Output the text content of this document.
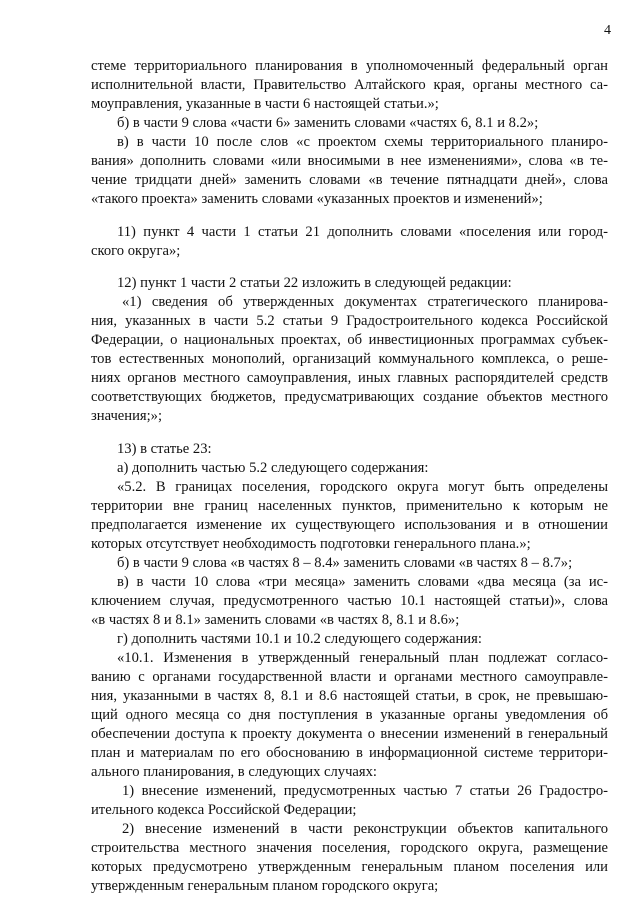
4
стеме территориального планирования в уполномоченный федеральный орган
исполнительной власти, Правительство Алтайского края, органы местного са-
моуправления, указанные в части 6 настоящей статьи.»;
б) в части 9 слова «части 6» заменить словами «частях 6, 8.1 и 8.2»;
в) в части 10 после слов «с проектом схемы территориального планиро-
вания» дополнить словами «или вносимыми в нее изменениями», слова «в те-
чение тридцати дней» заменить словами «в течение пятнадцати дней», слова
«такого проекта» заменить словами «указанных проектов и изменений»;
11) пункт 4 части 1 статьи 21 дополнить словами «поселения или город-
ского округа»;
12) пункт 1 части 2 статьи 22 изложить в следующей редакции:
«1) сведения об утвержденных документах стратегического планирова-
ния, указанных в части 5.2 статьи 9 Градостроительного кодекса Российской
Федерации, о национальных проектах, об инвестиционных программах субъек-
тов естественных монополий, организаций коммунального комплекса, о реше-
ниях органов местного самоуправления, иных главных распорядителей средств
соответствующих бюджетов, предусматривающих создание объектов местного
значения;»;
13) в статье 23:
а) дополнить частью 5.2 следующего содержания:
«5.2. В границах поселения, городского округа могут быть определены
территории вне границ населенных пунктов, применительно к которым не
предполагается изменение их существующего использования и в отношении
которых отсутствует необходимость подготовки генерального плана.»;
б) в части 9 слова «в частях 8 – 8.4» заменить словами «в частях 8 – 8.7»;
в) в части 10 слова «три месяца» заменить словами «два месяца (за ис-
ключением случая, предусмотренного частью 10.1 настоящей статьи)», слова
«в частях 8 и 8.1» заменить словами «в частях 8, 8.1 и 8.6»;
г) дополнить частями 10.1 и 10.2 следующего содержания:
«10.1. Изменения в утвержденный генеральный план подлежат согласо-
ванию с органами государственной власти и органами местного самоуправле-
ния, указанными в частях 8, 8.1 и 8.6 настоящей статьи, в срок, не превышаю-
щий одного месяца со дня поступления в указанные органы уведомления об
обеспечении доступа к проекту документа о внесении изменений в генеральный
план и материалам по его обоснованию в информационной системе территори-
ального планирования, в следующих случаях:
1) внесение изменений, предусмотренных частью 7 статьи 26 Градостро-
ительного кодекса Российской Федерации;
2) внесение изменений в части реконструкции объектов капитального
строительства местного значения поселения, городского округа, размещение
которых предусмотрено утвержденным генеральным планом поселения или
утвержденным генеральным планом городского округа;
